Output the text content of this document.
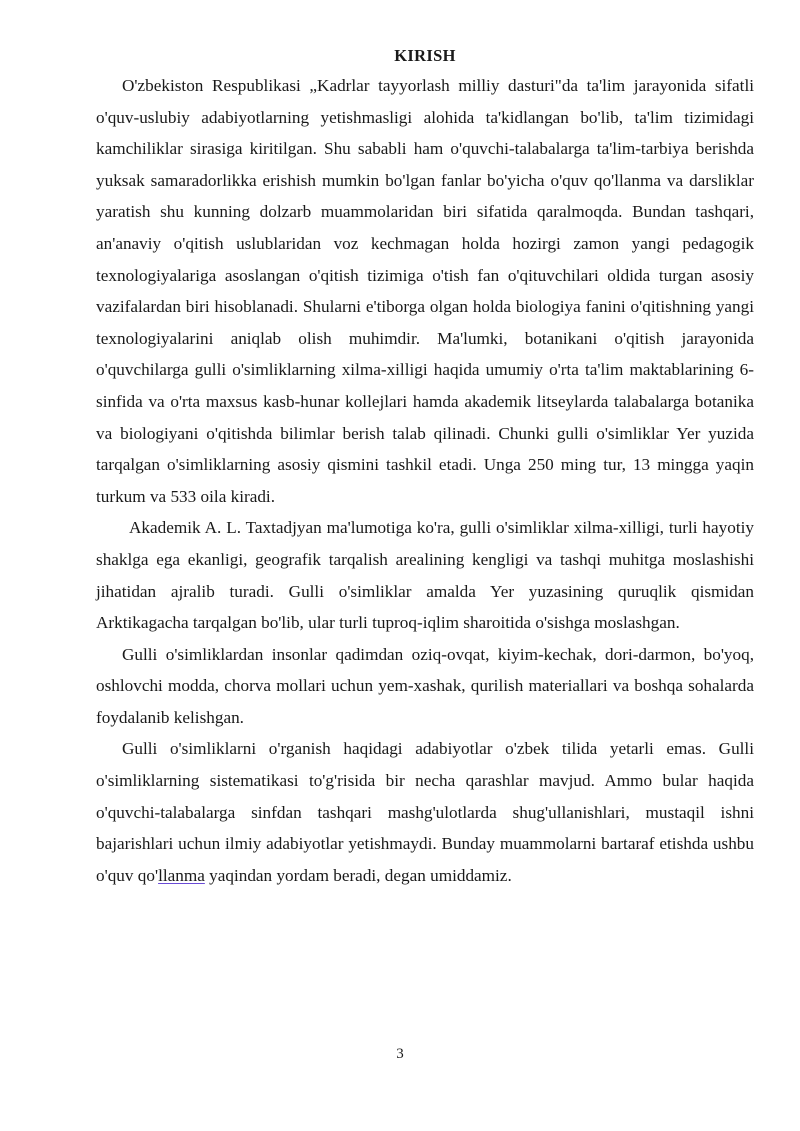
KIRISH

O'zbekiston Respublikasi „Kadrlar tayyorlash milliy dasturi"da ta'lim jarayonida sifatli o'quv-uslubiy adabiyotlarning yetishmasligi alohida ta'kidlangan bo'lib, ta'lim tizimidagi kamchiliklar sirasiga kiritilgan. Shu sababli ham o'quvchi-talabalarga ta'lim-tarbiya berishda yuksak samaradorlikka erishish mumkin bo'lgan fanlar bo'yicha o'quv qo'llanma va darsliklar yaratish shu kunning dolzarb muammolaridan biri sifatida qaralmoqda. Bundan tashqari, an'anaviy o'qitish uslublaridan voz kechmagan holda hozirgi zamon yangi pedagogik texnologiyalariga asoslangan o'qitish tizimiga o'tish fan o'qituvchilari oldida turgan asosiy vazifalardan biri hisoblanadi. Shularni e'tiborga olgan holda biologiya fanini o'qitishning yangi texnologiyalarini aniqlab olish muhimdir. Ma'lumki, botanikani o'qitish jarayonida o'quvchilarga gulli o'simliklarning xilma-xilligi haqida umumiy o'rta ta'lim maktablarining 6-sinfida va o'rta maxsus kasb-hunar kollejlari hamda akademik litseylarda talabalarga botanika va biologiyani o'qitishda bilimlar berish talab qilinadi. Chunki gulli o'simliklar Yer yuzida tarqalgan o'simliklarning asosiy qismini tashkil etadi. Unga 250 ming tur, 13 mingga yaqin turkum va 533 oila kiradi.

Akademik A. L. Taxtadjyan ma'lumotiga ko'ra, gulli o'simliklar xilma-xilligi, turli hayotiy shaklga ega ekanligi, geografik tarqalish arealining kengligi va tashqi muhitga moslashishi jihatidan ajralib turadi. Gulli o'simliklar amalda Yer yuzasining quruqlik qismidan Arktikagacha tarqalgan bo'lib, ular turli tuproq-iqlim sharoitida o'sishga moslashgan.

Gulli o'simliklardan insonlar qadimdan oziq-ovqat, kiyim-kechak, dori-darmon, bo'yoq, oshlovchi modda, chorva mollari uchun yem-xashak, qurilish materiallari va boshqa sohalarda foydalanib kelishgan.

Gulli o'simliklarni o'rganish haqidagi adabiyotlar o'zbek tilida yetarli emas. Gulli o'simliklarning sistematikasi to'g'risida bir necha qarashlar mavjud. Ammo bular haqida o'quvchi-talabalarga sinfdan tashqari mashg'ulotlarda shug'ullanishlari, mustaqil ishni bajarishlari uchun ilmiy adabiyotlar yetishmaydi. Bunday muammolarni bartaraf etishda ushbu o'quv qo'llanma yaqindan yordam beradi, degan umiddamiz.

3
